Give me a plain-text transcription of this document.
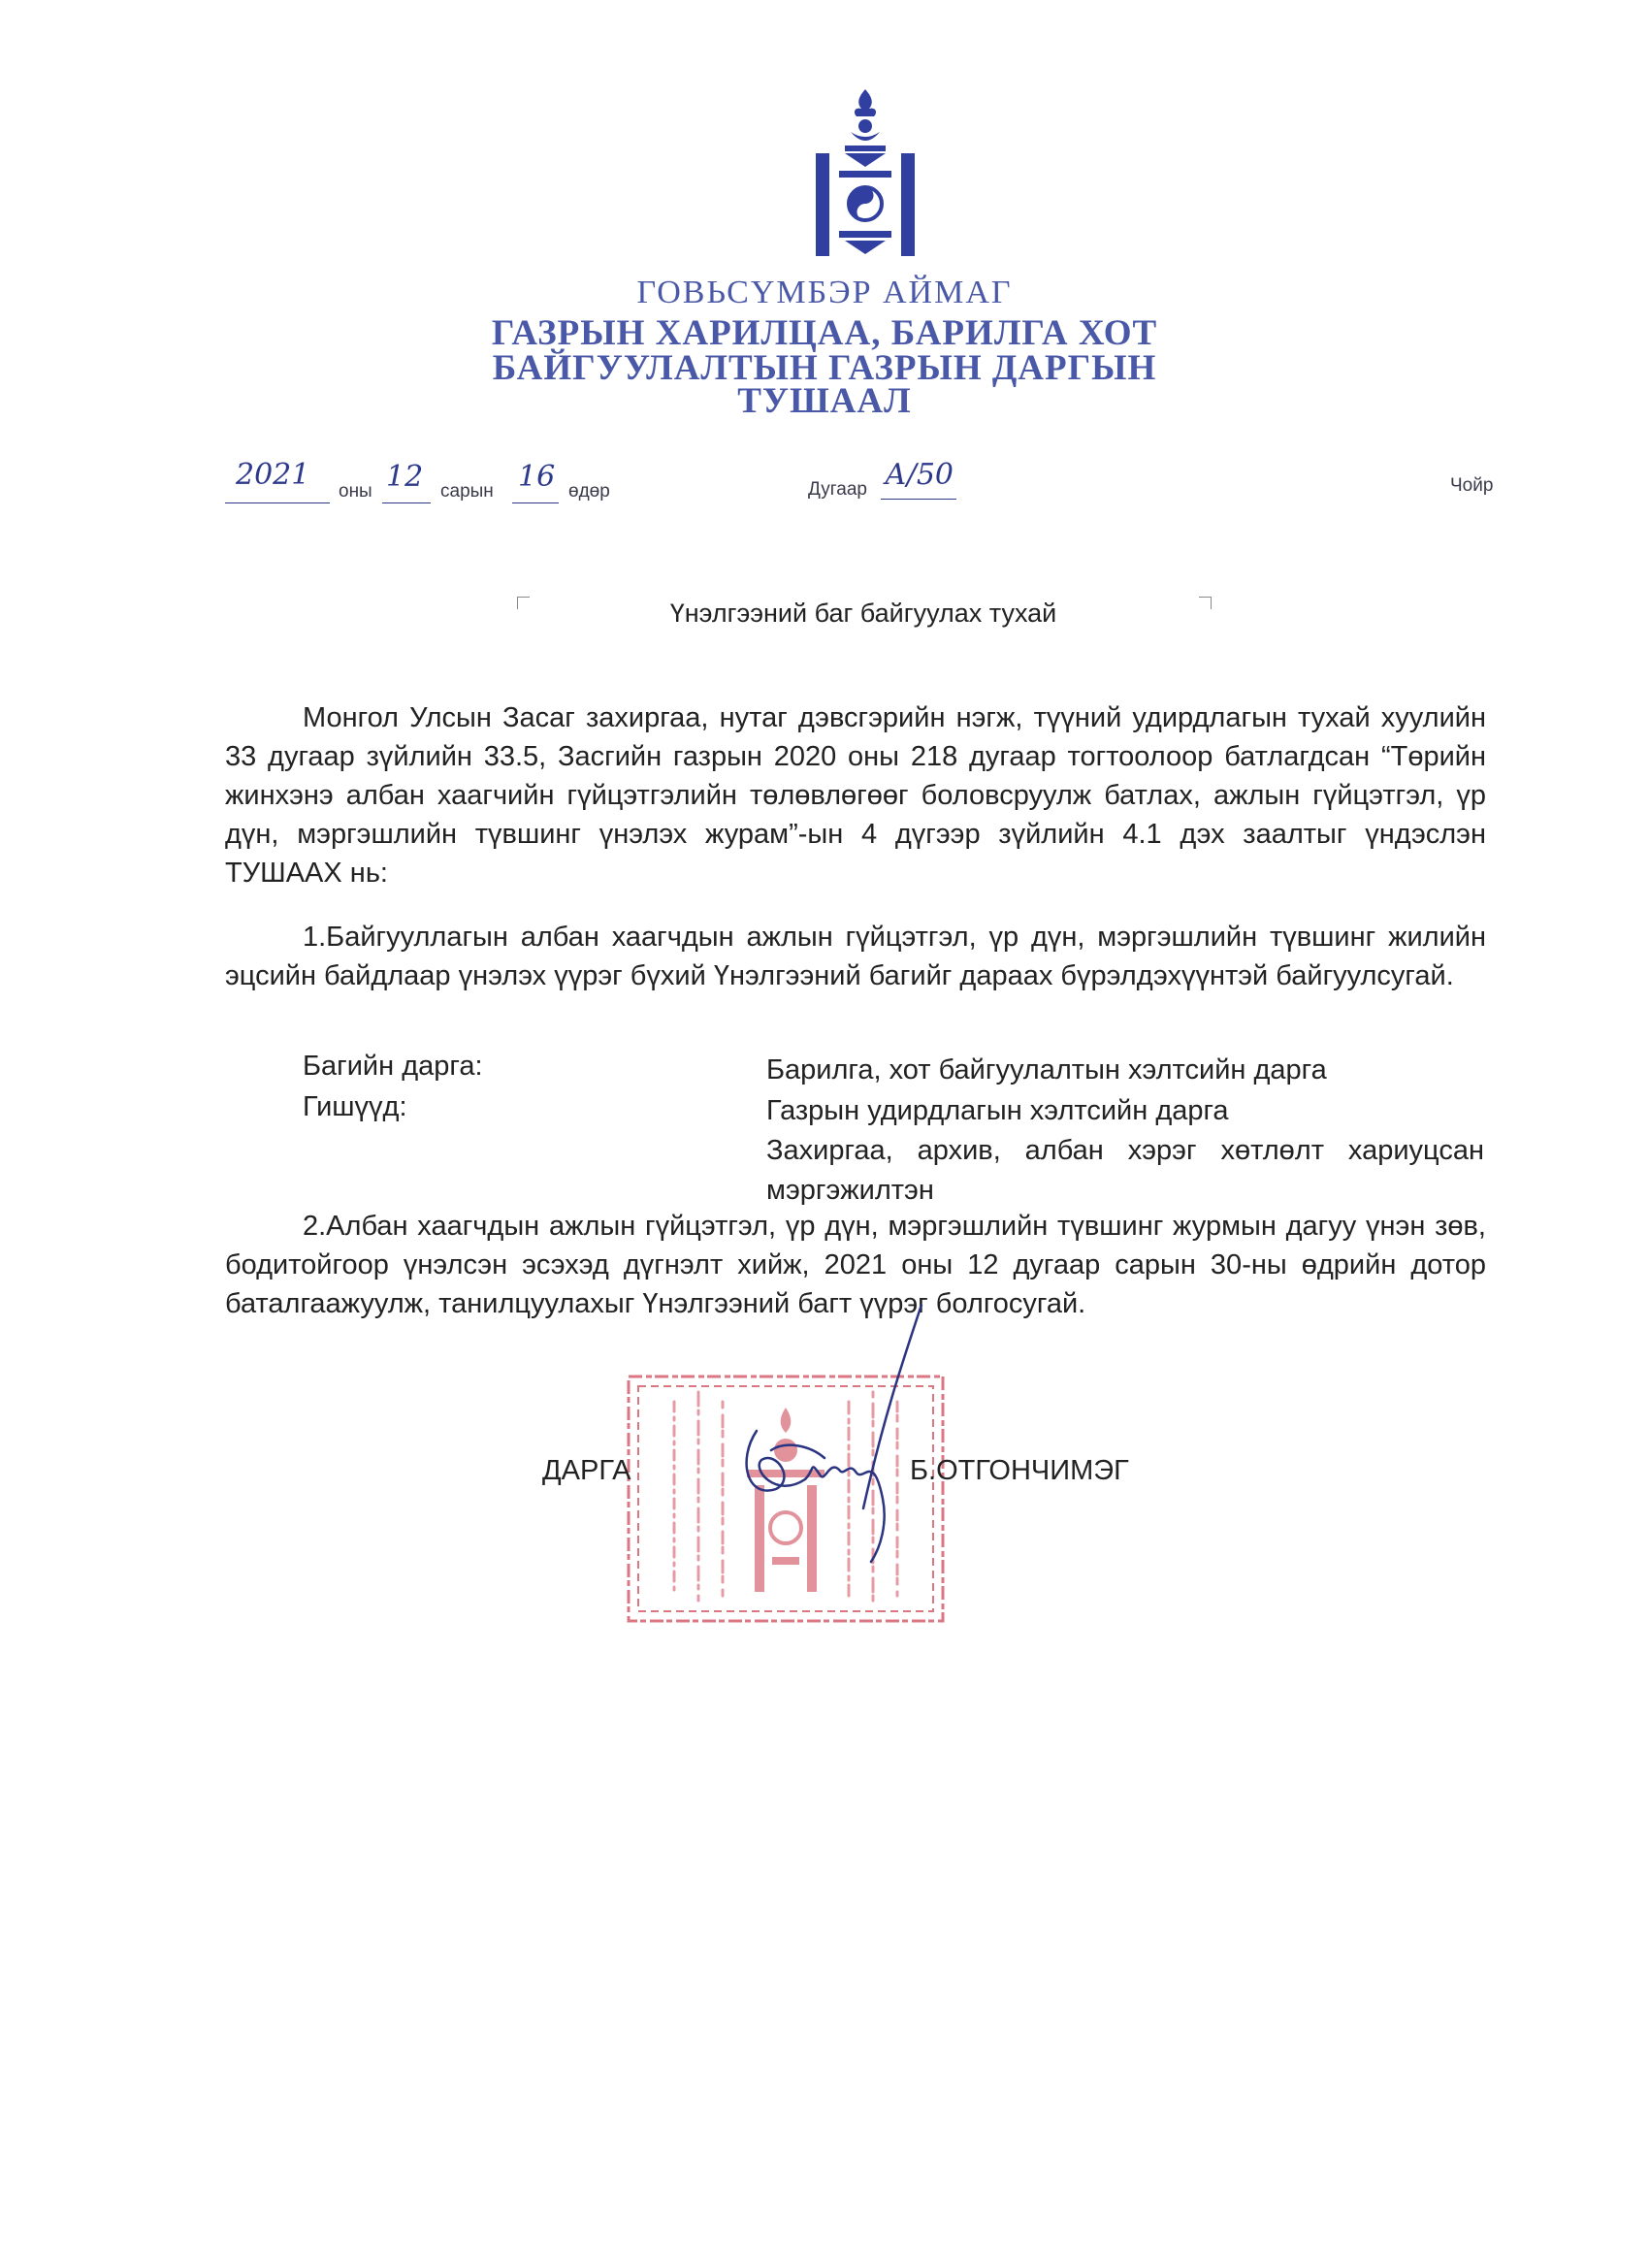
ГОВЬСҮМБЭР АЙМАГ
ГАЗРЫН ХАРИЛЦАА, БАРИЛГА ХОТ
БАЙГУУЛАЛТЫН ГАЗРЫН ДАРГЫН
ТУШААЛ
2021 оны 12 сарын 16 өдөр	Дугаар А/50	Чойр
Үнэлгээний баг байгуулах тухай
Монгол Улсын Засаг захиргаа, нутаг дэвсгэрийн нэгж, түүний удирдлагын тухай хуулийн 33 дугаар зүйлийн 33.5, Засгийн газрын 2020 оны 218 дугаар тогтоолоор батлагдсан “Төрийн жинхэнэ албан хаагчийн гүйцэтгэлийн төлөвлөгөөг боловсруулж батлах, ажлын гүйцэтгэл, үр дүн, мэргэшлийн түвшинг үнэлэх журам”-ын 4 дүгээр зүйлийн 4.1 дэх заалтыг үндэслэн ТУШААХ нь:
1.Байгууллагын албан хаагчдын ажлын гүйцэтгэл, үр дүн, мэргэшлийн түвшинг жилийн эцсийн байдлаар үнэлэх үүрэг бүхий Үнэлгээний багийг дараах бүрэлдэхүүнтэй байгуулсугай.
Багийн дарга:	Барилга, хот байгуулалтын хэлтсийн дарга
Гишүүд:	Газрын удирдлагын хэлтсийн дарга
Захиргаа, архив, албан хэрэг хөтлөлт хариуцсан мэргэжилтэн
2.Албан хаагчдын ажлын гүйцэтгэл, үр дүн, мэргэшлийн түвшинг журмын дагуу үнэн зөв, бодитойгоор үнэлсэн эсэхэд дүгнэлт хийж, 2021 оны 12 дугаар сарын 30-ны өдрийн дотор баталгаажуулж, танилцуулахыг Үнэлгээний багт үүрэг болгосугай.
ДАРГА	Б.ОТГОНЧИМЭГ
